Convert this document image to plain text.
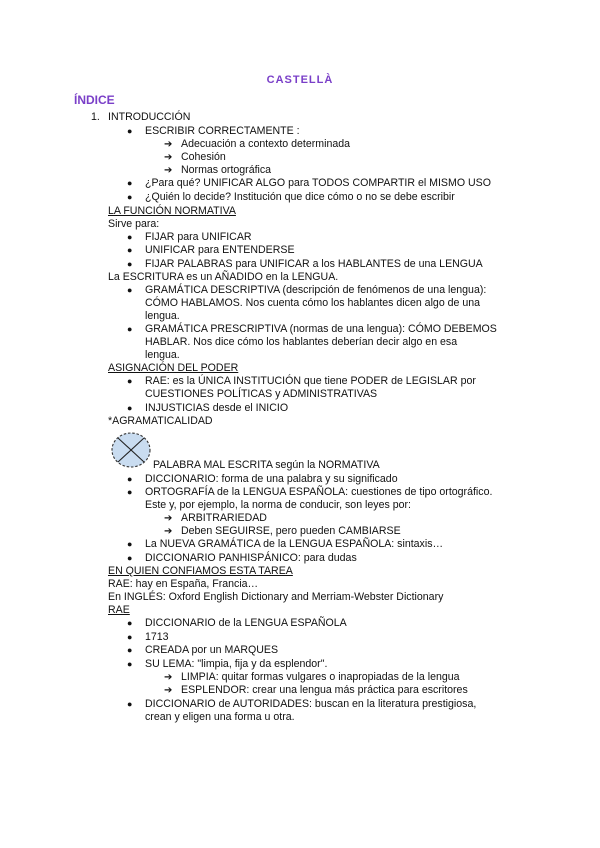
CASTELLÀ
ÍNDICE
1. INTRODUCCIÓN
● ESCRIBIR CORRECTAMENTE :
➔ Adecuación a contexto determinada
➔ Cohesión
➔ Normas ortográfica
● ¿Para qué? UNIFICAR ALGO para TODOS COMPARTIR el MISMO USO
● ¿Quién lo decide? Institución que dice cómo o no se debe escribir
LA FUNCIÓN NORMATIVA
Sirve para:
● FIJAR para UNIFICAR
● UNIFICAR para ENTENDERSE
● FIJAR PALABRAS para UNIFICAR a los HABLANTES de una LENGUA
La ESCRITURA es un AÑADIDO en la LENGUA.
● GRAMÁTICA DESCRIPTIVA (descripción de fenómenos de una lengua):
CÓMO HABLAMOS. Nos cuenta cómo los hablantes dicen algo de una
lengua.
● GRAMÁTICA PRESCRIPTIVA (normas de una lengua): CÓMO DEBEMOS
HABLAR. Nos dice cómo los hablantes deberían decir algo en esa
lengua.
ASIGNACIÓN DEL PODER
● RAE: es la ÚNICA INSTITUCIÓN que tiene PODER de LEGISLAR por
CUESTIONES POLÍTICAS y ADMINISTRATIVAS
● INJUSTICIAS desde el INICIO
*AGRAMATICALIDAD
PALABRA MAL ESCRITA según la NORMATIVA
● DICCIONARIO: forma de una palabra y su significado
● ORTOGRAFÍA de la LENGUA ESPAÑOLA: cuestiones de tipo ortográfico.
Este y, por ejemplo, la norma de conducir, son leyes por:
➔ ARBITRARIEDAD
➔ Deben SEGUIRSE, pero pueden CAMBIARSE
● La NUEVA GRAMÁTICA de la LENGUA ESPAÑOLA: sintaxis…
● DICCIONARIO PANHISPÁNICO: para dudas
EN QUIEN CONFIAMOS ESTA TAREA
RAE: hay en España, Francia…
En INGLÉS: Oxford English Dictionary and Merriam-Webster Dictionary
RAE
● DICCIONARIO de la LENGUA ESPAÑOLA
● 1713
● CREADA por un MARQUES
● SU LEMA: "limpia, fija y da esplendor".
➔ LIMPIA: quitar formas vulgares o inapropiadas de la lengua
➔ ESPLENDOR: crear una lengua más práctica para escritores
● DICCIONARIO de AUTORIDADES: buscan en la literatura prestigiosa,
crean y eligen una forma u otra.
